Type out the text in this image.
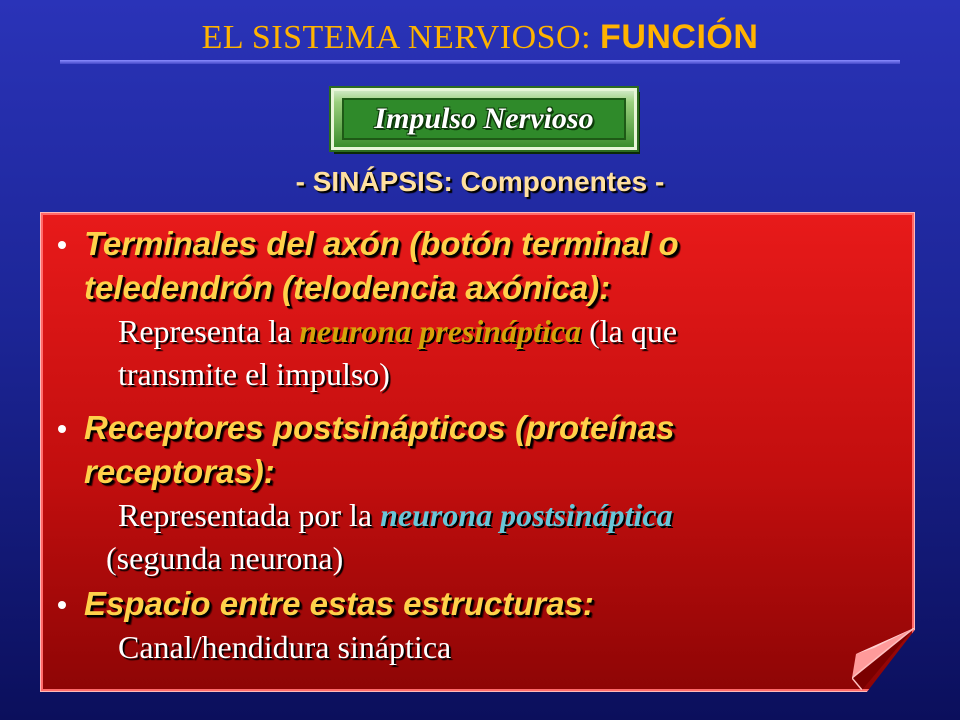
EL SISTEMA NERVIOSO: FUNCIÓN
Impulso Nervioso
- SINÁPSIS: Componentes -
Terminales del axón (botón terminal o
teledendrón (telodencia axónica):
Representa la neurona presináptica (la que
transmite el impulso)
Receptores postsinápticos (proteínas
receptoras):
Representada por la neurona postsináptica
(segunda neurona)
Espacio entre estas estructuras:
Canal/hendidura sináptica
